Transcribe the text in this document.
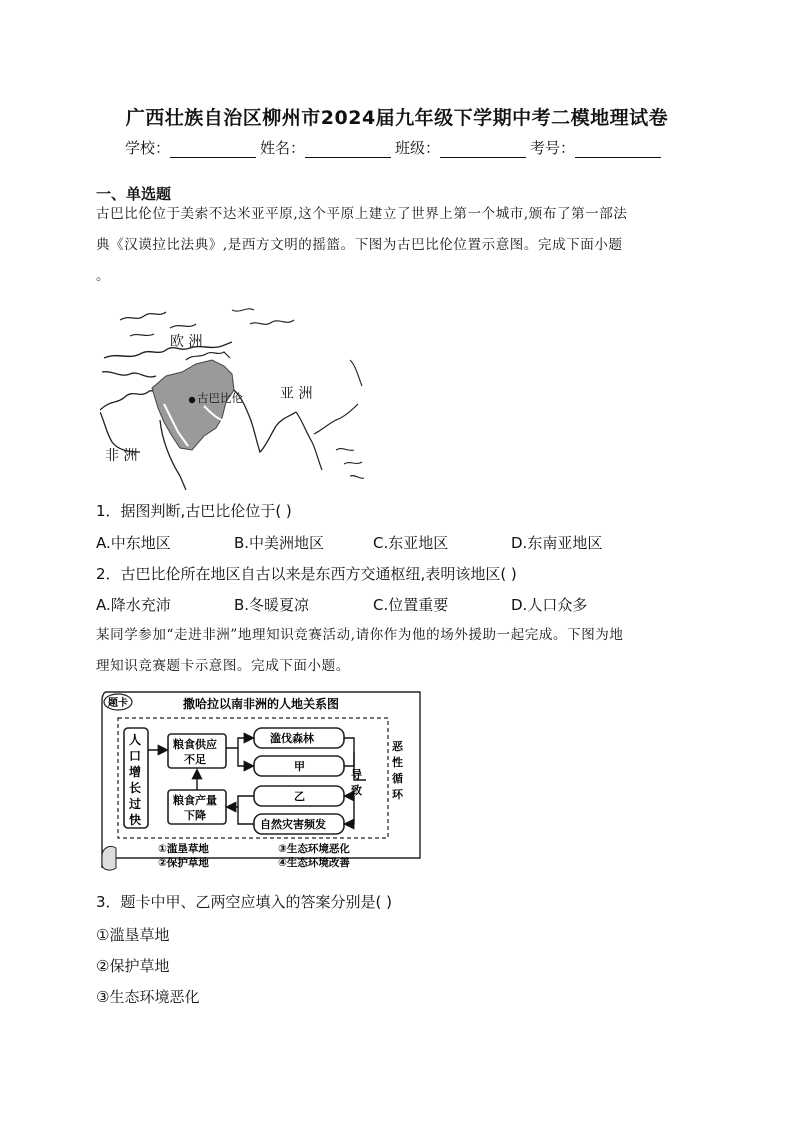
广西壮族自治区柳州市2024届九年级下学期中考二模地理试卷
学校：	姓名：	班级：	考号：
一、单选题
古巴比伦位于美索不达米亚平原,这个平原上建立了世界上第一个城市,颁布了第一部法
典《汉谟拉比法典》,是西方文明的摇篮。下图为古巴比伦位置示意图。完成下面小题
。
古巴比伦
欧 洲
亚 洲
非 洲
1．据图判断,古巴比伦位于( )
A.中东地区	B.中美洲地区	C.东亚地区	D.东南亚地区
2．古巴比伦所在地区自古以来是东西方交通枢纽,表明该地区( )
A.降水充沛	B.冬暖夏凉	C.位置重要	D.人口众多
某同学参加“走进非洲”地理知识竞赛活动,请你作为他的场外援助一起完成。下图为地
理知识竞赛题卡示意图。完成下面小题。
题卡	撒哈拉以南非洲的人地关系图
人
口
增
长
过
快
粮食供应
不足
粮食产量
下降
滥伐森林
甲
乙
自然灾害频发
导
致
恶
性
循
环
①滥垦草地	③生态环境恶化
②保护草地	④生态环境改善
3．题卡中甲、乙两空应填入的答案分别是( )
①滥垦草地
②保护草地
③生态环境恶化
